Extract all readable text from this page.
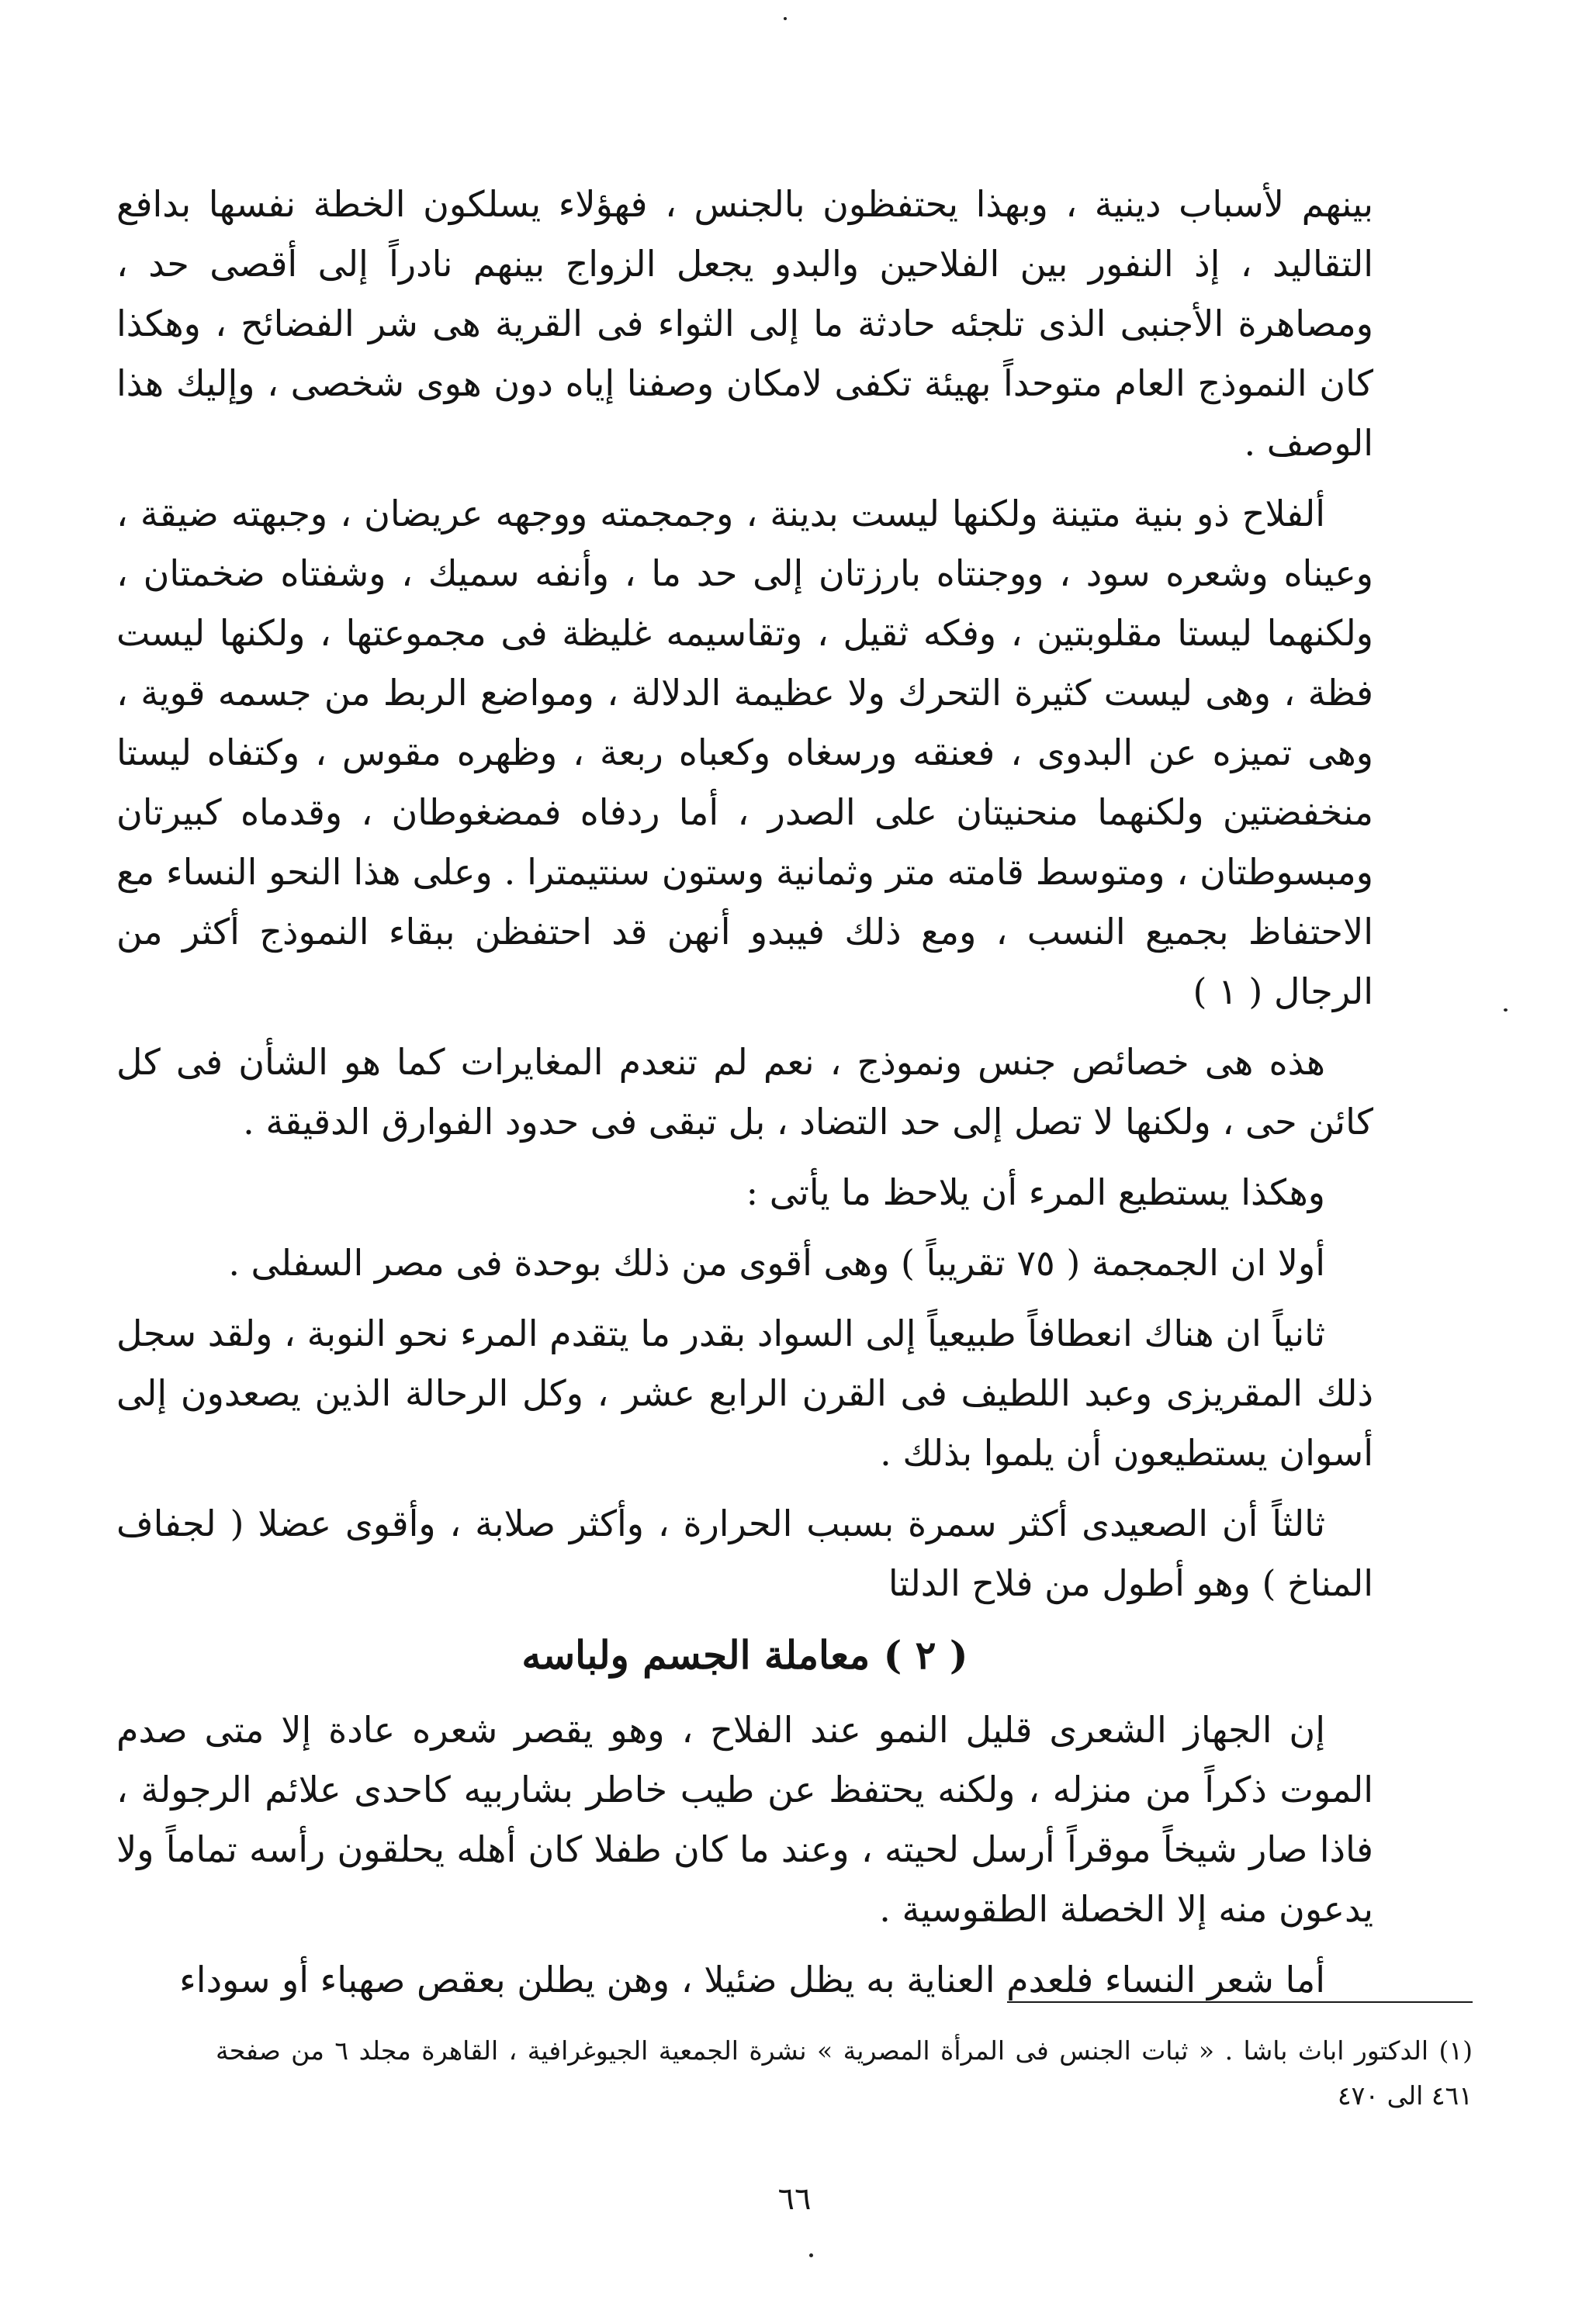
بينهم لأسباب دينية ، وبهذا يحتفظون بالجنس ، فهؤلاء يسلكون الخطة نفسها بدافع التقاليد ، إذ النفور بين الفلاحين والبدو يجعل الزواج بينهم نادراً إلى أقصى حد ، ومصاهرة الأجنبى الذى تلجئه حادثة ما إلى الثواء فى القرية هى شر الفضائح ، وهكذا كان النموذج العام متوحداً بهيئة تكفى لامكان وصفنا إياه دون هوى شخصى ، وإليك هذا الوصف .

ألفلاح ذو بنية متينة ولكنها ليست بدينة ، وجمجمته ووجهه عريضان ، وجبهته ضيقة ، وعيناه وشعره سود ، ووجنتاه بارزتان إلى حد ما ، وأنفه سميك ، وشفتاه ضخمتان ، ولكنهما ليستا مقلوبتين ، وفكه ثقيل ، وتقاسيمه غليظة فى مجموعتها ، ولكنها ليست فظة ، وهى ليست كثيرة التحرك ولا عظيمة الدلالة ، ومواضع الربط من جسمه قوية ، وهى تميزه عن البدوى ، فعنقه ورسغاه وكعباه ربعة ، وظهره مقوس ، وكتفاه ليستا منخفضتين ولكنهما منحنيتان على الصدر ، أما ردفاه فمضغوطان ، وقدماه كبيرتان ومبسوطتان ، ومتوسط قامته متر وثمانية وستون سنتيمترا . وعلى هذا النحو النساء مع الاحتفاظ بجميع النسب ، ومع ذلك فيبدو أنهن قد احتفظن ببقاء النموذج أكثر من الرجال ( ١ )

هذه هى خصائص جنس ونموذج ، نعم لم تنعدم المغايرات كما هو الشأن فى كل كائن حى ، ولكنها لا تصل إلى حد التضاد ، بل تبقى فى حدود الفوارق الدقيقة .

وهكذا يستطيع المرء أن يلاحظ ما يأتى :

أولا ان الجمجمة ( ٧٥ تقريباً ) وهى أقوى من ذلك بوحدة فى مصر السفلى .

ثانياً ان هناك انعطافاً طبيعياً إلى السواد بقدر ما يتقدم المرء نحو النوبة ، ولقد سجل ذلك المقريزى وعبد اللطيف فى القرن الرابع عشر ، وكل الرحالة الذين يصعدون إلى أسوان يستطيعون أن يلموا بذلك .

ثالثاً أن الصعيدى أكثر سمرة بسبب الحرارة ، وأكثر صلابة ، وأقوى عضلا ( لجفاف المناخ ) وهو أطول من فلاح الدلتا

( ٢ ) معاملة الجسم ولباسه

إن الجهاز الشعرى قليل النمو عند الفلاح ، وهو يقصر شعره عادة إلا متى صدم الموت ذكراً من منزله ، ولكنه يحتفظ عن طيب خاطر بشاربيه كاحدى علائم الرجولة ، فاذا صار شيخاً موقراً أرسل لحيته ، وعند ما كان طفلا كان أهله يحلقون رأسه تماماً ولا يدعون منه إلا الخصلة الطقوسية .

أما شعر النساء فلعدم العناية به يظل ضئيلا ، وهن يطلن بعقص صهباء أو سوداء

(١) الدكتور اباث باشا . « ثبات الجنس فى المرأة المصرية » نشرة الجمعية الجيوغرافية ، القاهرة مجلد ٦ من صفحة ٤٦١ الى ٤٧٠
٦٦
